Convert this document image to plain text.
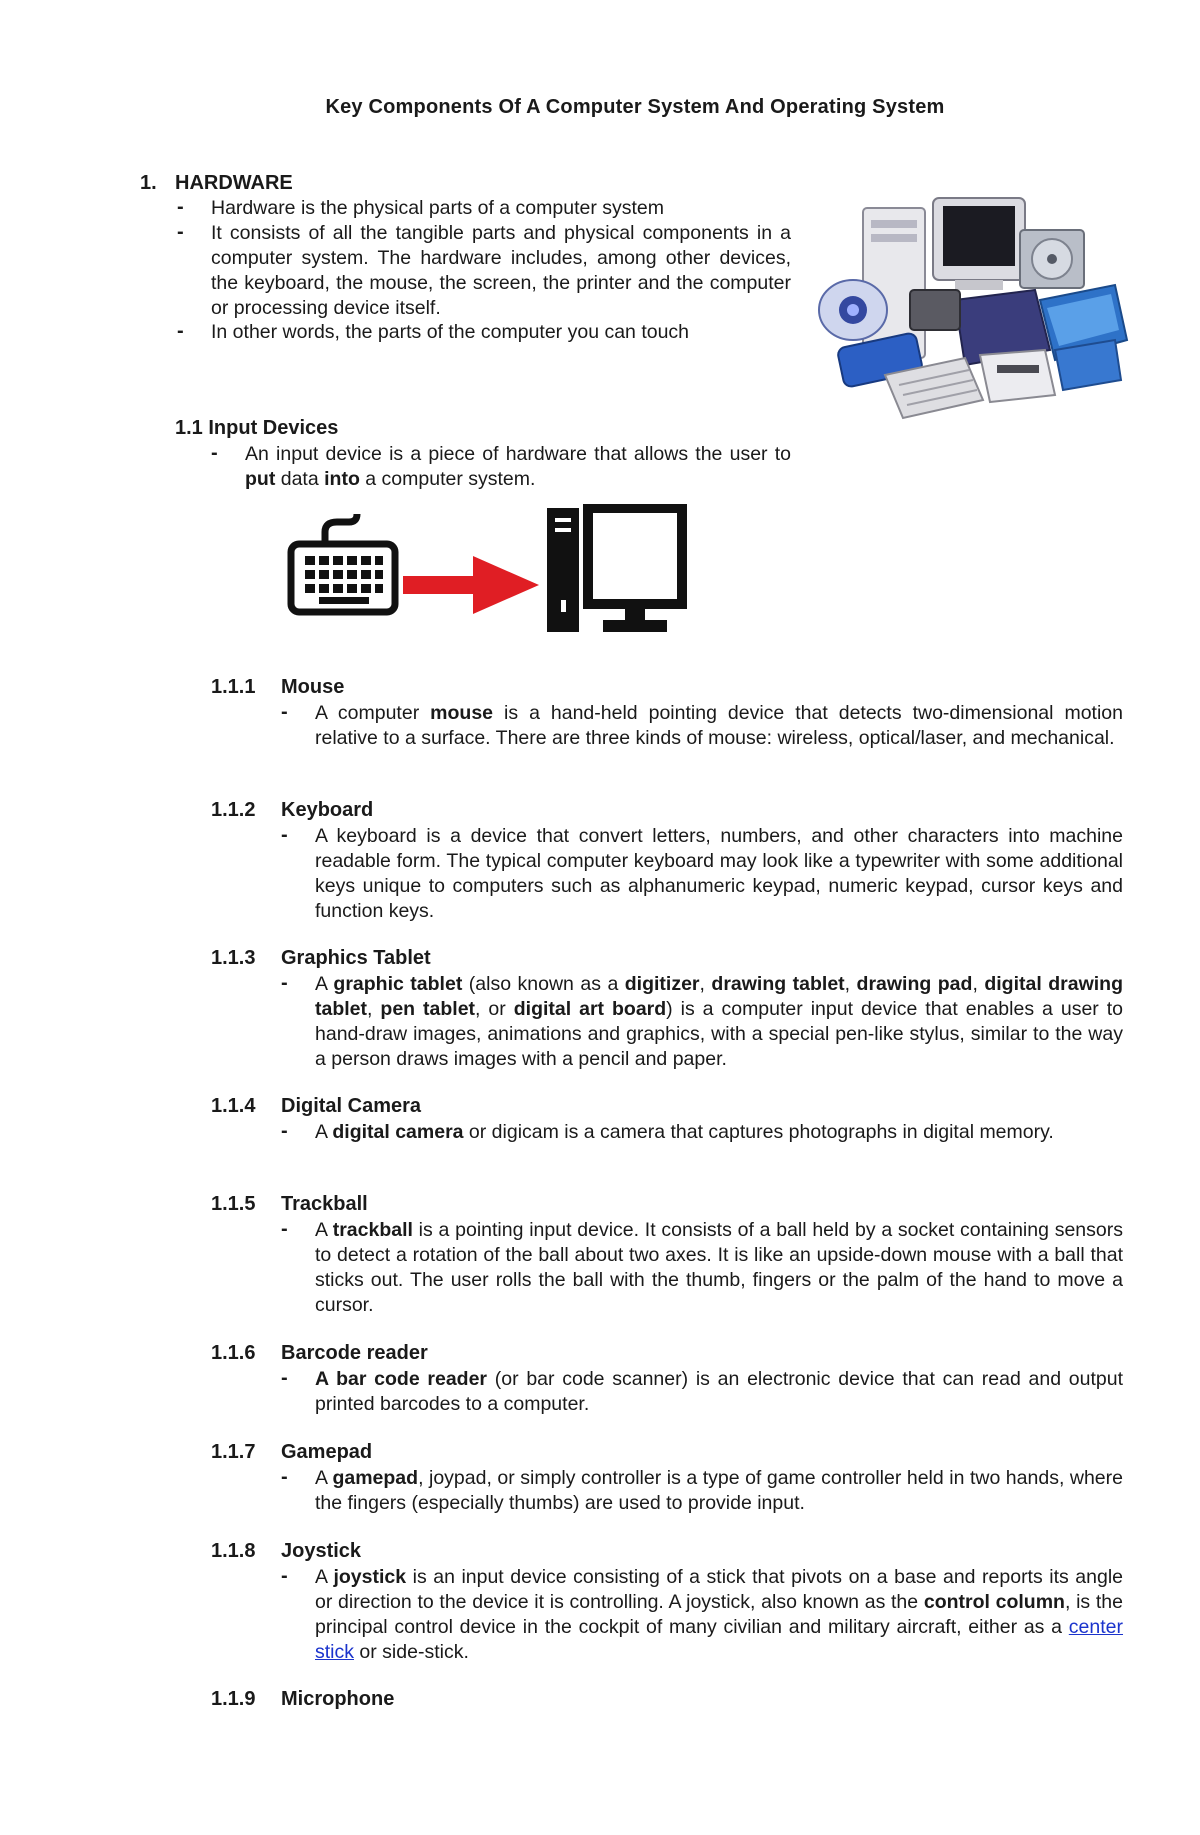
Key Components Of A Computer System And Operating System
1. HARDWARE
- Hardware is the physical parts of a computer system
- It consists of all the tangible parts and physical components in a computer system. The hardware includes, among other devices, the keyboard, the mouse, the screen, the printer and the computer or processing device itself.
- In other words, the parts of the computer you can touch
1.1 Input Devices
- An input device is a piece of hardware that allows the user to put data into a computer system.
1.1.1 Mouse
- A computer mouse is a hand-held pointing device that detects two-dimensional motion relative to a surface. There are three kinds of mouse: wireless, optical/laser, and mechanical.
1.1.2 Keyboard
- A keyboard is a device that convert letters, numbers, and other characters into machine readable form. The typical computer keyboard may look like a typewriter with some additional keys unique to computers such as alphanumeric keypad, numeric keypad, cursor keys and function keys.
1.1.3 Graphics Tablet
- A graphic tablet (also known as a digitizer, drawing tablet, drawing pad, digital drawing tablet, pen tablet, or digital art board) is a computer input device that enables a user to hand-draw images, animations and graphics, with a special pen-like stylus, similar to the way a person draws images with a pencil and paper.
1.1.4 Digital Camera
- A digital camera or digicam is a camera that captures photographs in digital memory.
1.1.5 Trackball
- A trackball is a pointing input device. It consists of a ball held by a socket containing sensors to detect a rotation of the ball about two axes. It is like an upside-down mouse with a ball that sticks out. The user rolls the ball with the thumb, fingers or the palm of the hand to move a cursor.
1.1.6 Barcode reader
- A bar code reader (or bar code scanner) is an electronic device that can read and output printed barcodes to a computer.
1.1.7 Gamepad
- A gamepad, joypad, or simply controller is a type of game controller held in two hands, where the fingers (especially thumbs) are used to provide input.
1.1.8 Joystick
- A joystick is an input device consisting of a stick that pivots on a base and reports its angle or direction to the device it is controlling. A joystick, also known as the control column, is the principal control device in the cockpit of many civilian and military aircraft, either as a center stick or side-stick.
1.1.9 Microphone
